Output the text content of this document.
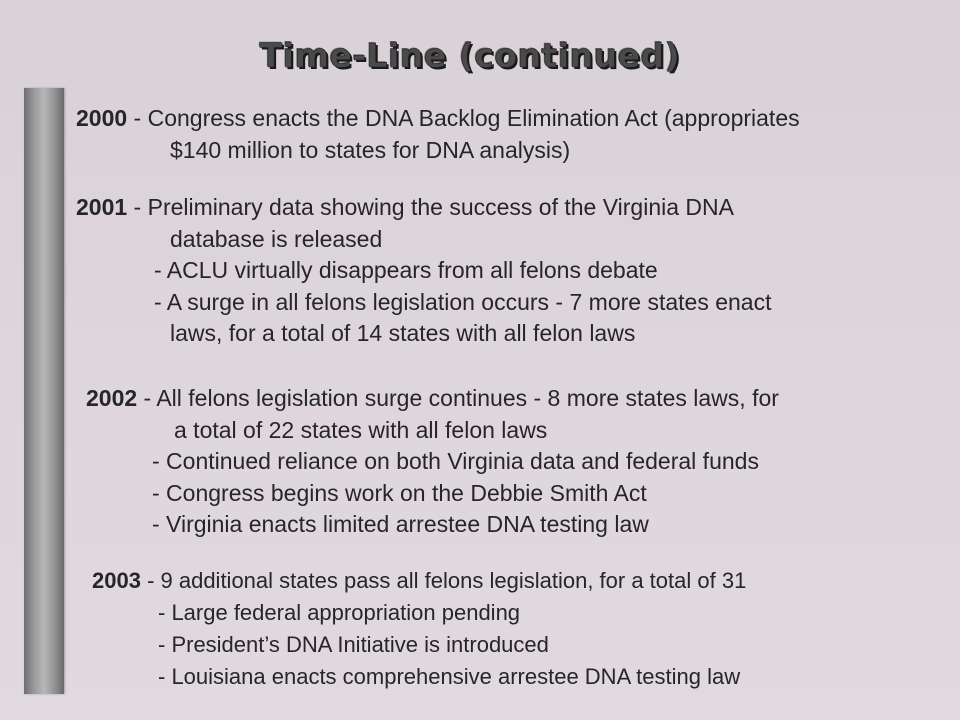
Time-Line (continued)
2000 - Congress enacts the DNA Backlog Elimination Act (appropriates
$140 million to states for DNA analysis)
2001 - Preliminary data showing the success of the Virginia DNA
database is released
- ACLU virtually disappears from all felons debate
- A surge in all felons legislation occurs - 7 more states enact
laws, for a total of 14 states with all felon laws
2002 - All felons legislation surge continues - 8 more states laws, for
a total of 22 states with all felon laws
- Continued reliance on both Virginia data and federal funds
- Congress begins work on the Debbie Smith Act
- Virginia enacts limited arrestee DNA testing law
2003 - 9 additional states pass all felons legislation, for a total of 31
- Large federal appropriation pending
- President’s DNA Initiative is introduced
- Louisiana enacts comprehensive arrestee DNA testing law
